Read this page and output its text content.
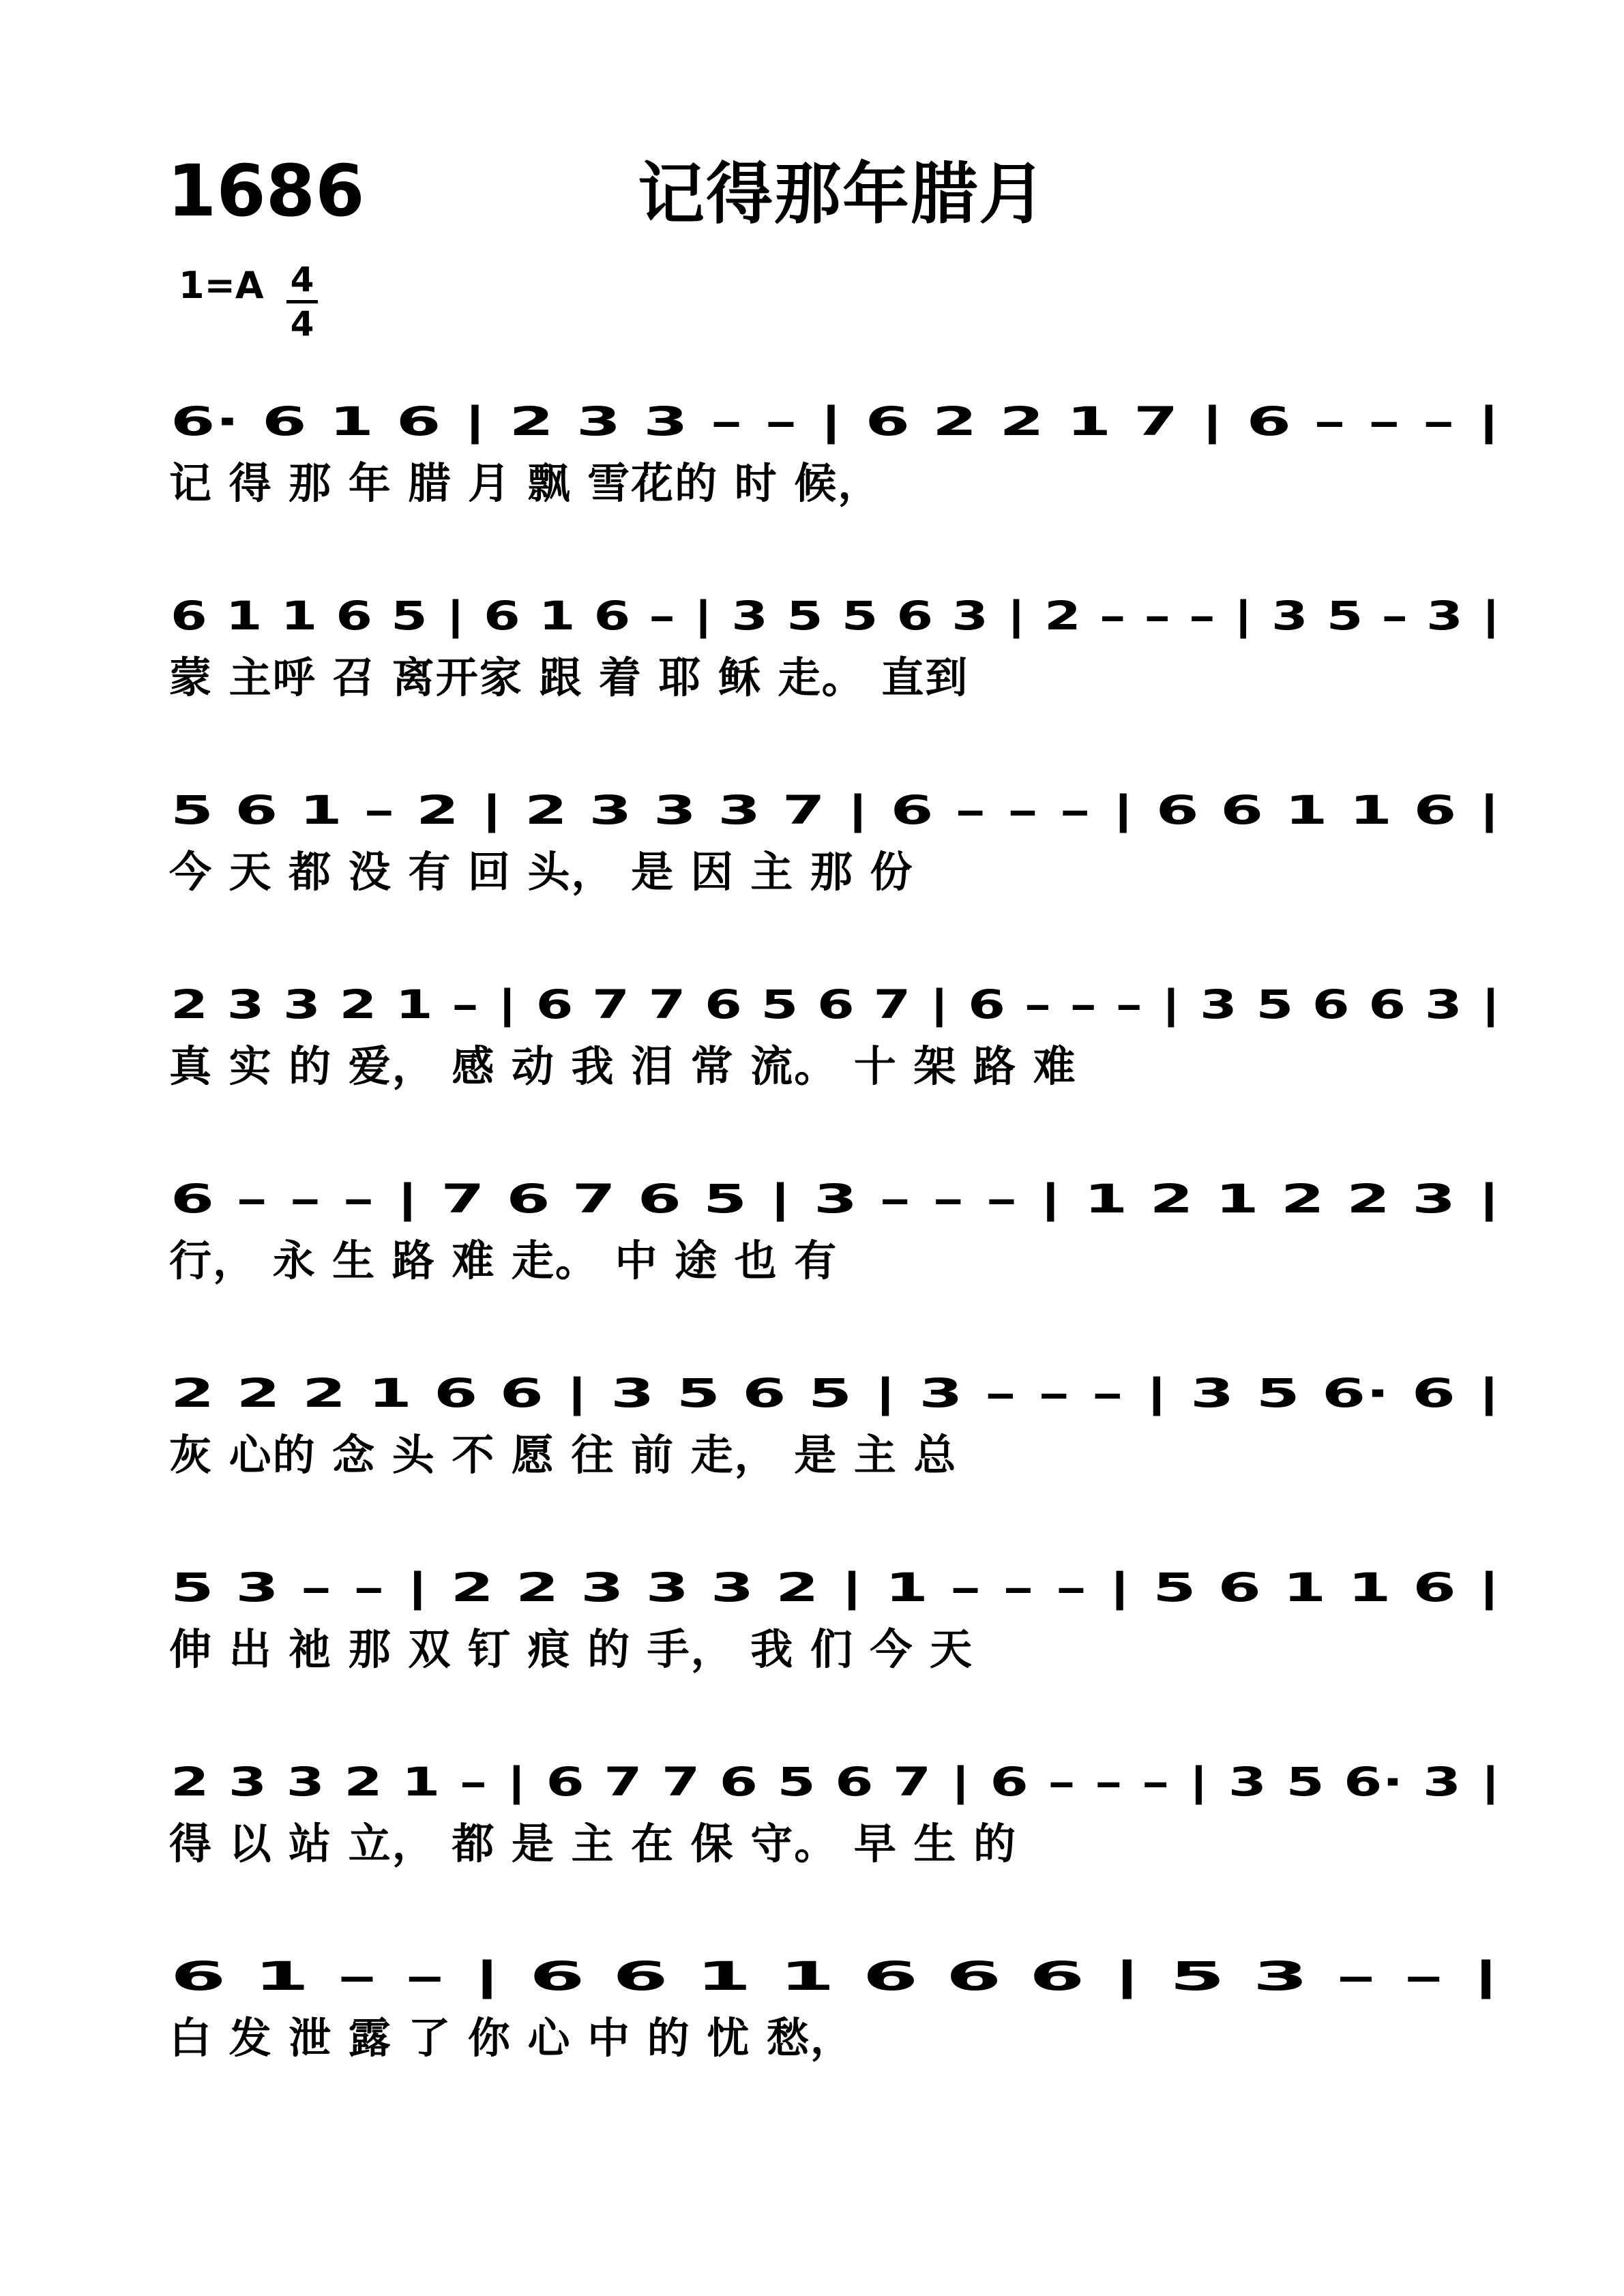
1686	记得那年腊月
1=A 4
4
6· 6 1 6 | 2 3 3 – – | 6 2 2 1 7 | 6 – – – |
记 得 那 年 腊 月 飘 雪花的 时 候，
6 1 1 6 5 | 6 1 6 – | 3 5 5 6 3 | 2 – – – | 3 5 – 3 |
蒙 主呼 召 离开家 跟 着 耶 稣 走。 直到
5 6 1 – 2 | 2 3 3 3 7 | 6 – – – | 6 6 1 1 6 |
今 天 都 没 有 回 头， 是 因 主 那 份
2 3 3 2 1 – | 6 7 7 6 5 6 7 | 6 – – – | 3 5 6 6 3 |
真 实 的 爱， 感 动 我 泪 常 流。 十 架 路 难
6 – – – | 7 6 7 6 5 | 3 – – – | 1 2 1 2 2 3 |
行， 永 生 路 难 走。 中 途 也 有
2 2 2 1 6 6 | 3 5 6 5 | 3 – – – | 3 5 6· 6 |
灰 心的 念 头 不 愿 往 前 走， 是 主 总
5 3 – – | 2 2 3 3 3 2 | 1 – – – | 5 6 1 1 6 |
伸 出 祂 那 双 钉 痕 的 手， 我 们 今 天
2 3 3 2 1 – | 6 7 7 6 5 6 7 | 6 – – – | 3 5 6· 3 |
得 以 站 立， 都 是 主 在 保 守。 早 生 的
6 1 – – | 6 6 1 1 6 6 6 | 5 3 – – |
白 发 泄 露 了 你 心 中 的 忧 愁，
